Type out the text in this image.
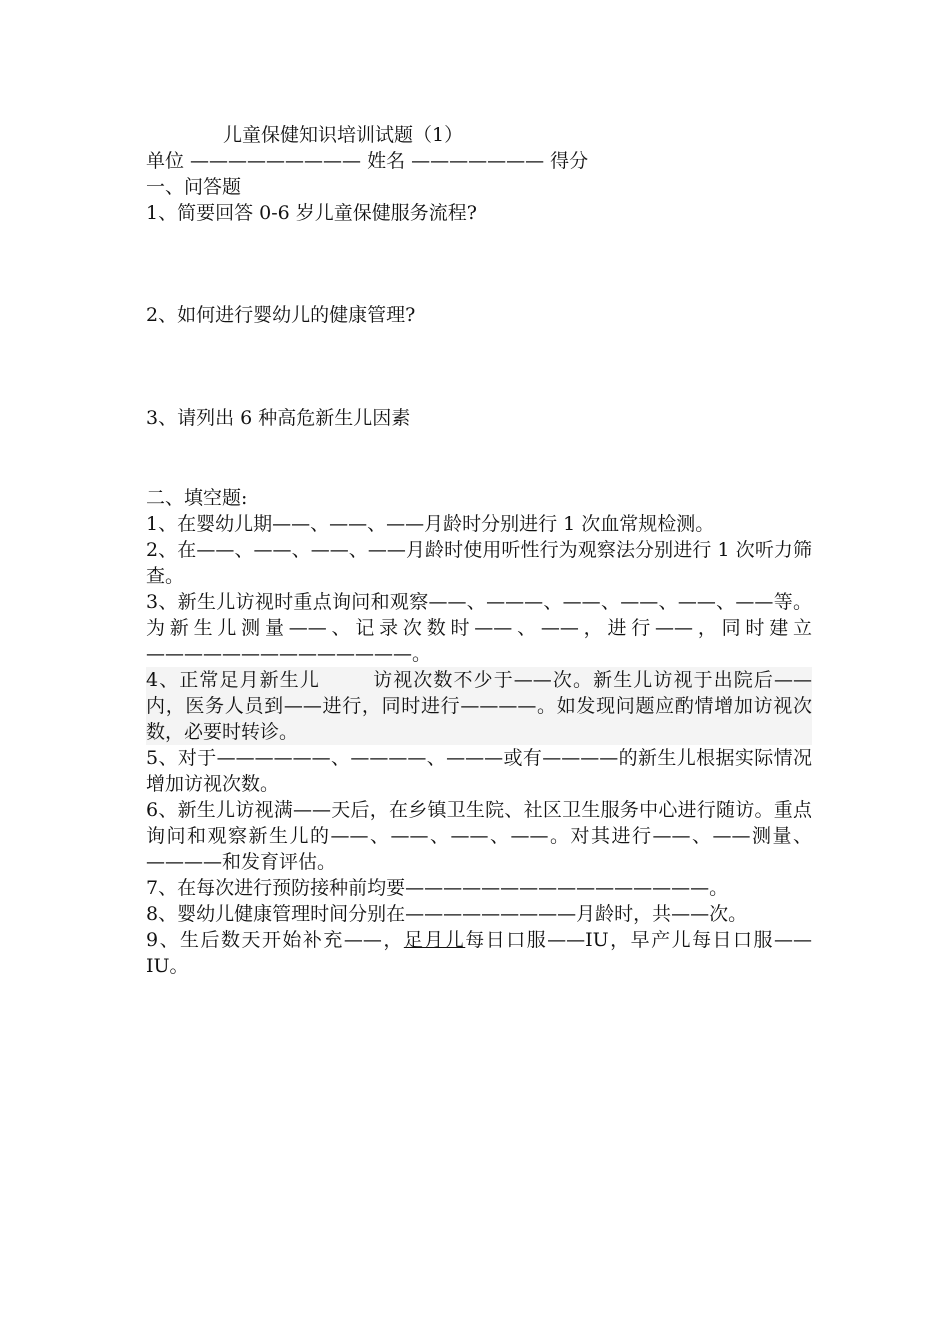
儿童保健知识培训试题（1）

单位 ————————— 姓名 ——————— 得分

一、问答题

1、简要回答 0-6 岁儿童保健服务流程?

2、如何进行婴幼儿的健康管理?

3、请列出 6 种高危新生儿因素

二、填空题:

1、在婴幼儿期——、——、——月龄时分别进行 1 次血常规检测。

2、在——、——、——、——月龄时使用听性行为观察法分别进行 1 次听力筛查。

3、新生儿访视时重点询问和观察——、———、——、——、——、——等。为新生儿测量——、记录次数时——、——，进行——，同时建立——————————————。

4、正常足月新生儿	访视次数不少于——次。新生儿访视于出院后——内，医务人员到——进行，同时进行————。如发现问题应酌情增加访视次数，必要时转诊。

5、对于——————、————、———或有————的新生儿根据实际情况增加访视次数。

6、新生儿访视满——天后，在乡镇卫生院、社区卫生服务中心进行随访。重点询问和观察新生儿的——、——、——、——。对其进行——、——测量、————和发育评估。

7、在每次进行预防接种前均要————————————————。

8、婴幼儿健康管理时间分别在—————————月龄时，共——次。

9、生后数天开始补充——，足月儿每日口服——IU，早产儿每日口服——IU。
